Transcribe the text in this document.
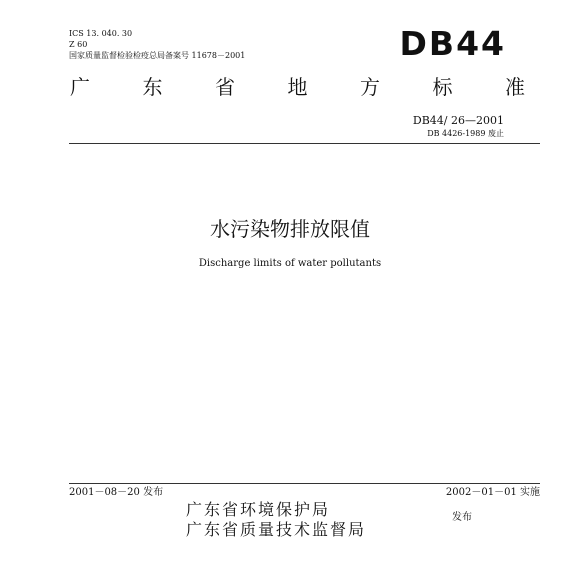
ICS 13. 040. 30
Z 60
国家质量监督检验检疫总局备案号 11678－2001	DB44
广	东	省	地	方	标	准
DB44/ 26—2001
DB 4426-1989 废止
水污染物排放限值
Discharge limits of water pollutants
2001－08－20 发布	2002－01－01 实施
广东省环境保护局
广东省质量技术监督局
发布
